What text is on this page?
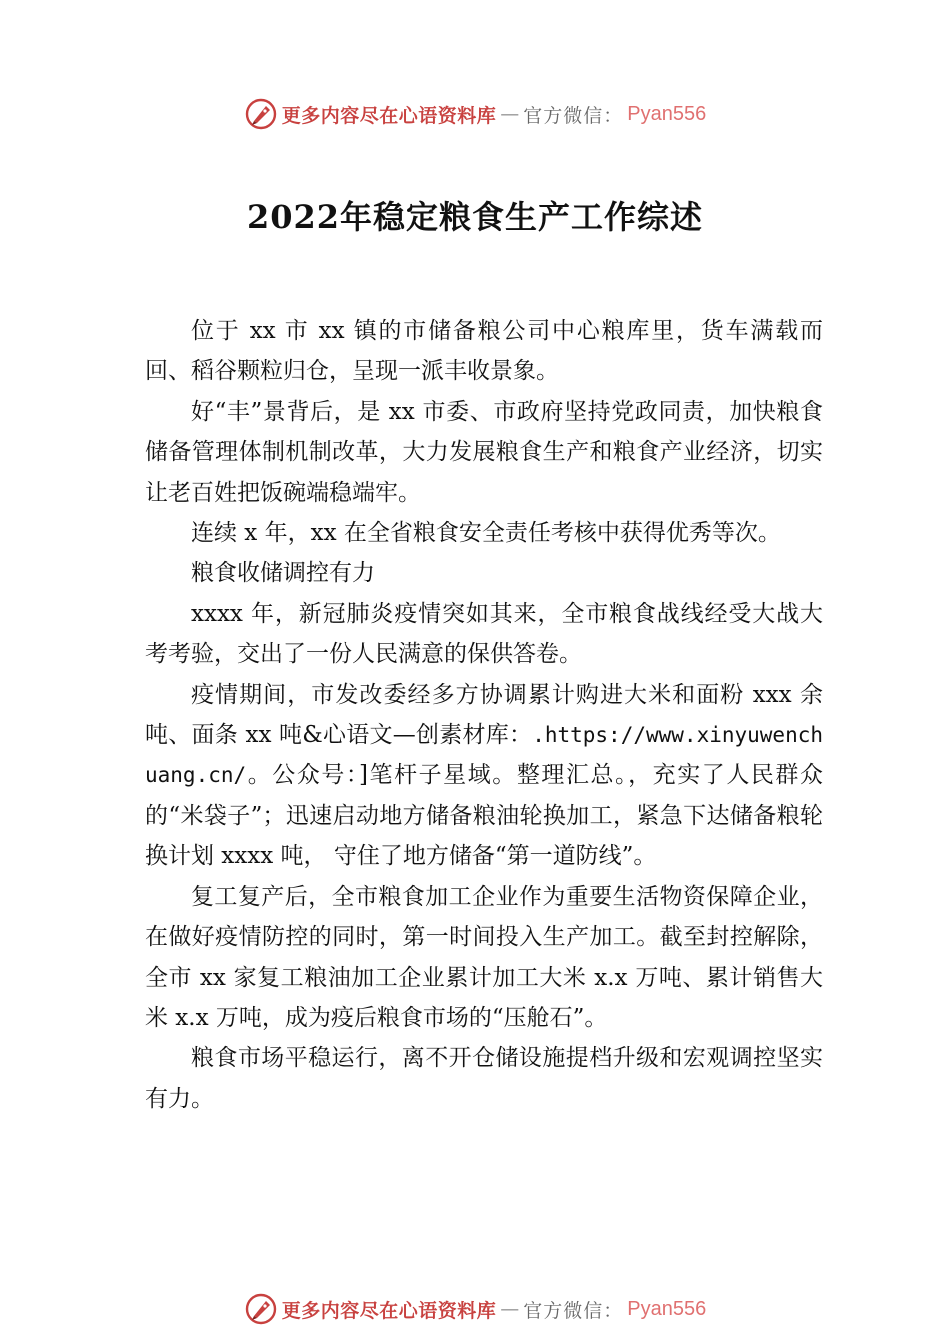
更多内容尽在心语资料库 — 官方微信： Pyan556
2022年稳定粮食生产工作综述

位于 xx 市 xx 镇的市储备粮公司中心粮库里，货车满载而回、稻谷颗粒归仓，呈现一派丰收景象。

好“丰”景背后，是 xx 市委、市政府坚持党政同责，加快粮食储备管理体制机制改革，大力发展粮食生产和粮食产业经济，切实让老百姓把饭碗端稳端牢。

连续 x 年，xx 在全省粮食安全责任考核中获得优秀等次。

粮食收储调控有力

xxxx 年，新冠肺炎疫情突如其来，全市粮食战线经受大战大考考验，交出了一份人民满意的保供答卷。

疫情期间，市发改委经多方协调累计购进大米和面粉 xxx 余吨、面条 xx 吨&心语文—创素材库：.https://www.xinyuwenchuang.cn/。公众号：]笔杆子星域。整理汇总。，充实了人民群众的“米袋子”；迅速启动地方储备粮油轮换加工，紧急下达储备粮轮换计划 xxxx 吨， 守住了地方储备“第一道防线”。

复工复产后，全市粮食加工企业作为重要生活物资保障企业，在做好疫情防控的同时，第一时间投入生产加工。截至封控解除，全市 xx 家复工粮油加工企业累计加工大米 x.x 万吨、累计销售大米 x.x 万吨，成为疫后粮食市场的“压舱石”。

粮食市场平稳运行，离不开仓储设施提档升级和宏观调控坚实有力。

更多内容尽在心语资料库 — 官方微信： Pyan556
